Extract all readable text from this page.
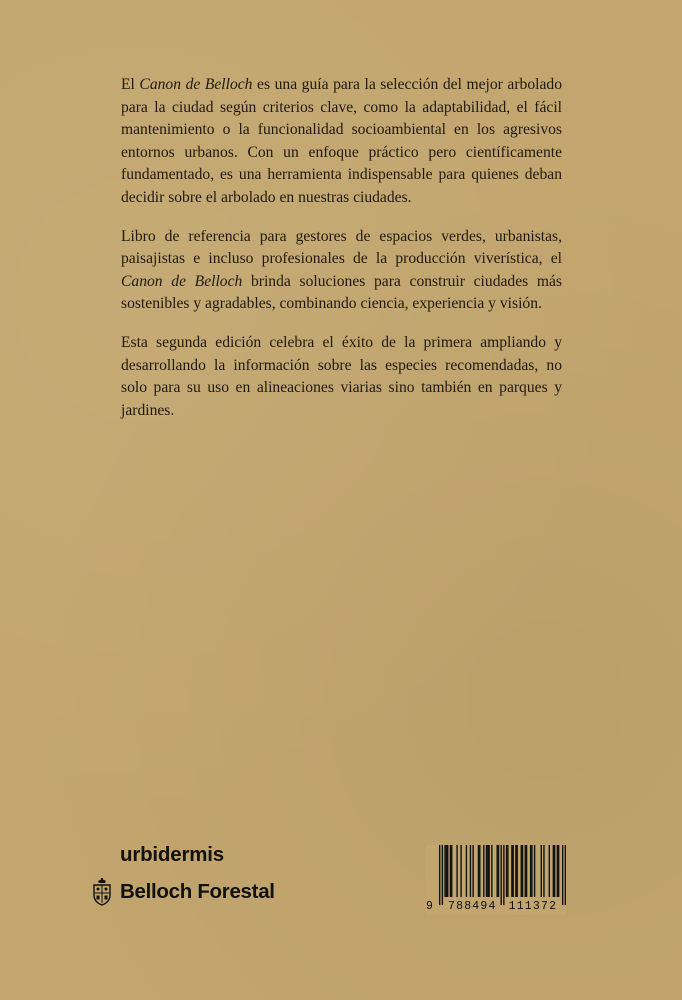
El Canon de Belloch es una guía para la selección del mejor arbolado para la ciudad según criterios clave, como la adaptabilidad, el fácil mantenimiento o la funcionalidad socioambiental en los agresivos entornos urbanos. Con un enfoque práctico pero científicamente fundamentado, es una herramienta indispensable para quienes deban decidir sobre el arbolado en nuestras ciudades.

Libro de referencia para gestores de espacios verdes, urbanistas, paisajistas e incluso profesionales de la producción viverística, el Canon de Belloch brinda soluciones para construir ciudades más sostenibles y agradables, combinando ciencia, experiencia y visión.

Esta segunda edición celebra el éxito de la primera ampliando y desarrollando la información sobre las especies recomendadas, no solo para su uso en alineaciones viarias sino también en parques y jardines.

urbidermis
Belloch Forestal
9	788494 111372
